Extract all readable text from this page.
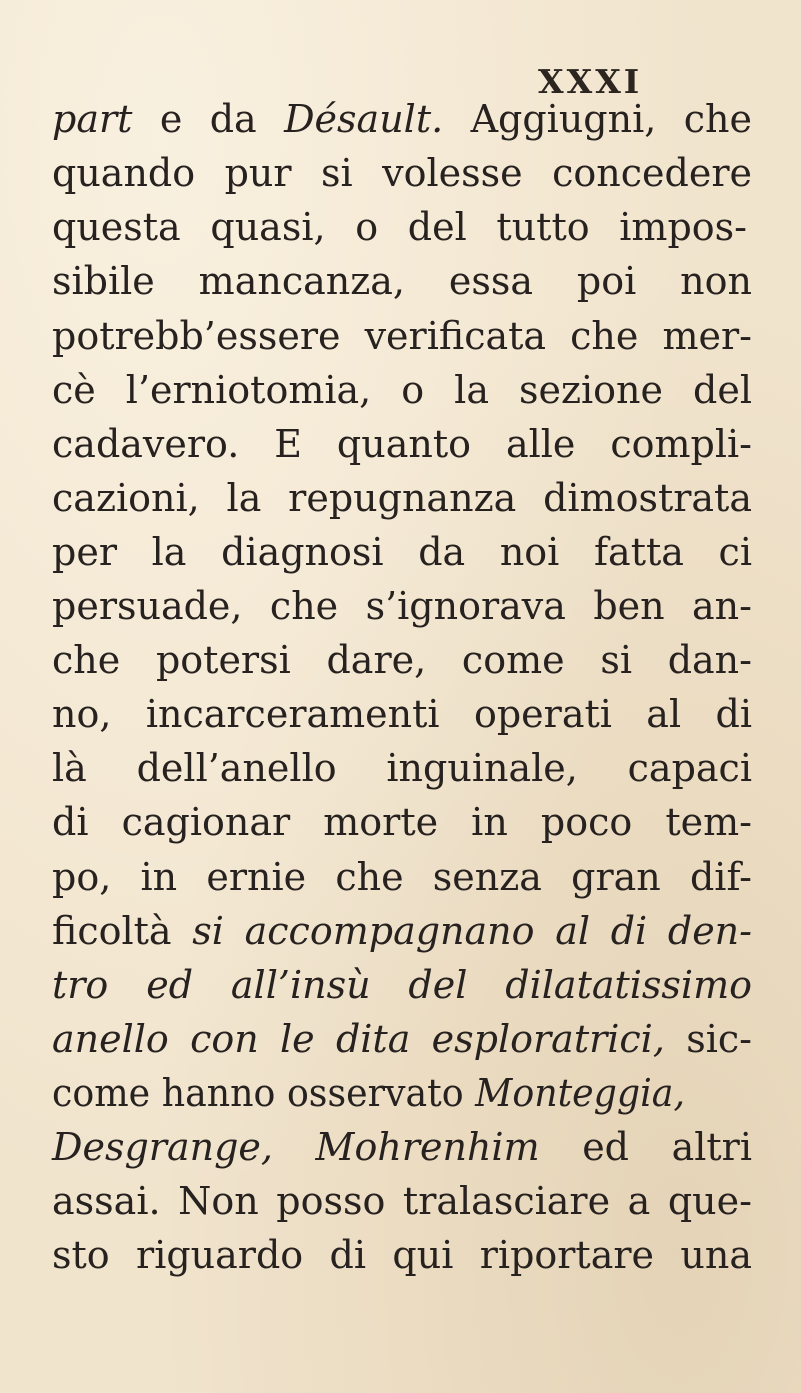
XXXI
part e da Désault. Aggiugni, che
quando pur si volesse concedere
questa quasi, o del tutto impos-
sibile mancanza, essa poi non
potrebb’essere verificata che mer-
cè l’erniotomia, o la sezione del
cadavero. E quanto alle compli-
cazioni, la repugnanza dimostrata
per la diagnosi da noi fatta ci
persuade, che s’ignorava ben an-
che potersi dare, come si dan-
no, incarceramenti operati al di
là dell’anello inguinale, capaci
di cagionar morte in poco tem-
po, in ernie che senza gran dif-
ficoltà si accompagnano al di den-
tro ed all’insù del dilatatissimo
anello con le dita esploratrici, sic-
come hanno osservato Monteggia,
Desgrange, Mohrenhim ed altri
assai. Non posso tralasciare a que-
sto riguardo di qui riportare una
